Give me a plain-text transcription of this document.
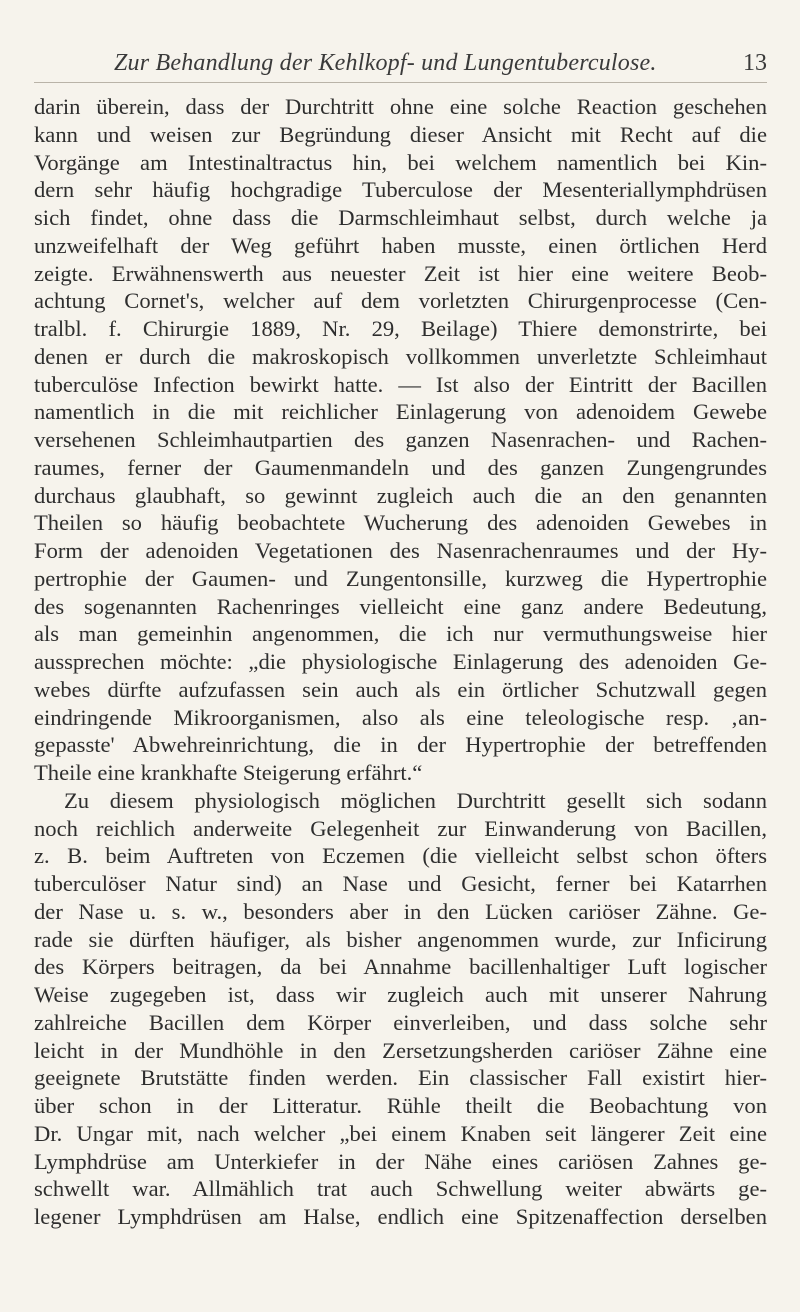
Zur Behandlung der Kehlkopf- und Lungentuberculose.	13
darin überein, dass der Durchtritt ohne eine solche Reaction geschehen
kann und weisen zur Begründung dieser Ansicht mit Recht auf die
Vorgänge am Intestinaltractus hin, bei welchem namentlich bei Kin-
dern sehr häufig hochgradige Tuberculose der Mesenteriallymphdrüsen
sich findet, ohne dass die Darmschleimhaut selbst, durch welche ja
unzweifelhaft der Weg geführt haben musste, einen örtlichen Herd
zeigte. Erwähnenswerth aus neuester Zeit ist hier eine weitere Beob-
achtung Cornet's, welcher auf dem vorletzten Chirurgenprocesse (Cen-
tralbl. f. Chirurgie 1889, Nr. 29, Beilage) Thiere demonstrirte, bei
denen er durch die makroskopisch vollkommen unverletzte Schleimhaut
tuberculöse Infection bewirkt hatte. — Ist also der Eintritt der Bacillen
namentlich in die mit reichlicher Einlagerung von adenoidem Gewebe
versehenen Schleimhautpartien des ganzen Nasenrachen- und Rachen-
raumes, ferner der Gaumenmandeln und des ganzen Zungengrundes
durchaus glaubhaft, so gewinnt zugleich auch die an den genannten
Theilen so häufig beobachtete Wucherung des adenoiden Gewebes in
Form der adenoiden Vegetationen des Nasenrachenraumes und der Hy-
pertrophie der Gaumen- und Zungentonsille, kurzweg die Hypertrophie
des sogenannten Rachenringes vielleicht eine ganz andere Bedeutung,
als man gemeinhin angenommen, die ich nur vermuthungsweise hier
aussprechen möchte: „die physiologische Einlagerung des adenoiden Ge-
webes dürfte aufzufassen sein auch als ein örtlicher Schutzwall gegen
eindringende Mikroorganismen, also als eine teleologische resp. ‚an-
gepasste' Abwehreinrichtung, die in der Hypertrophie der betreffenden
Theile eine krankhafte Steigerung erfährt.“
Zu diesem physiologisch möglichen Durchtritt gesellt sich sodann
noch reichlich anderweite Gelegenheit zur Einwanderung von Bacillen,
z. B. beim Auftreten von Eczemen (die vielleicht selbst schon öfters
tuberculöser Natur sind) an Nase und Gesicht, ferner bei Katarrhen
der Nase u. s. w., besonders aber in den Lücken cariöser Zähne. Ge-
rade sie dürften häufiger, als bisher angenommen wurde, zur Inficirung
des Körpers beitragen, da bei Annahme bacillenhaltiger Luft logischer
Weise zugegeben ist, dass wir zugleich auch mit unserer Nahrung
zahlreiche Bacillen dem Körper einverleiben, und dass solche sehr
leicht in der Mundhöhle in den Zersetzungsherden cariöser Zähne eine
geeignete Brutstätte finden werden. Ein classischer Fall existirt hier-
über schon in der Litteratur. Rühle theilt die Beobachtung von
Dr. Ungar mit, nach welcher „bei einem Knaben seit längerer Zeit eine
Lymphdrüse am Unterkiefer in der Nähe eines cariösen Zahnes ge-
schwellt war. Allmählich trat auch Schwellung weiter abwärts ge-
legener Lymphdrüsen am Halse, endlich eine Spitzenaffection derselben
